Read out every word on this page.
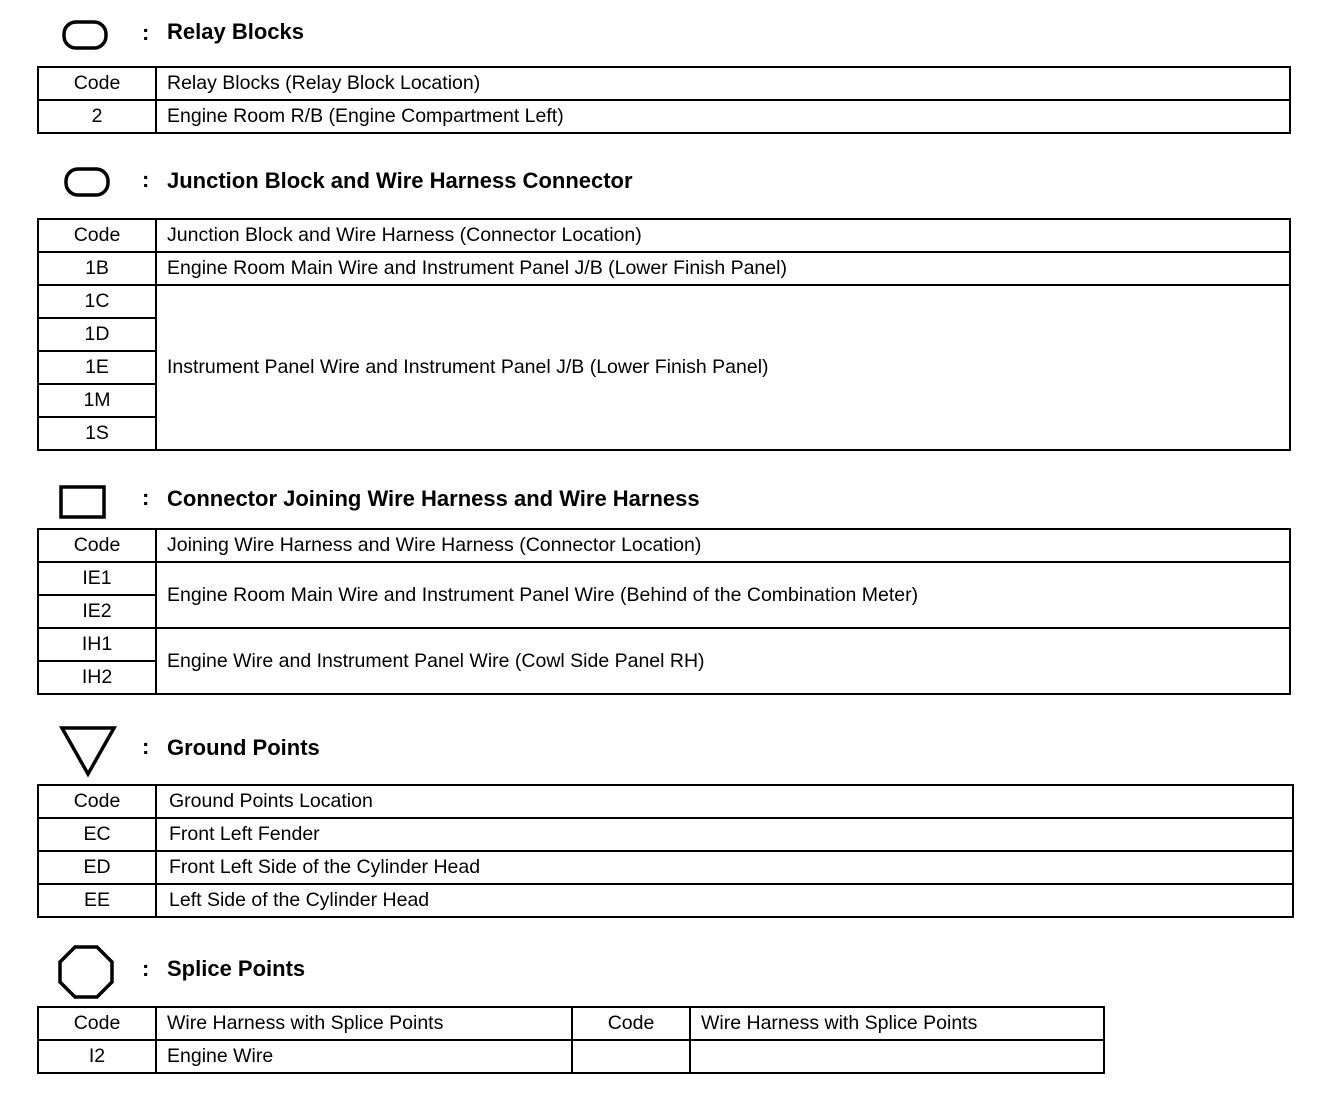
: Relay Blocks
Code	Relay Blocks (Relay Block Location)
2	Engine Room R/B (Engine Compartment Left)
: Junction Block and Wire Harness Connector
Code	Junction Block and Wire Harness (Connector Location)
1B	Engine Room Main Wire and Instrument Panel J/B (Lower Finish Panel)
1C	Instrument Panel Wire and Instrument Panel J/B (Lower Finish Panel)
1D	
1E	
1M	
1S	
: Connector Joining Wire Harness and Wire Harness
Code	Joining Wire Harness and Wire Harness (Connector Location)
IE1	Engine Room Main Wire and Instrument Panel Wire (Behind of the Combination Meter)
IE2	
IH1	Engine Wire and Instrument Panel Wire (Cowl Side Panel RH)
IH2	
: Ground Points
Code	Ground Points Location
EC	Front Left Fender
ED	Front Left Side of the Cylinder Head
EE	Left Side of the Cylinder Head
: Splice Points
Code	Wire Harness with Splice Points	Code	Wire Harness with Splice Points
I2	Engine Wire		
